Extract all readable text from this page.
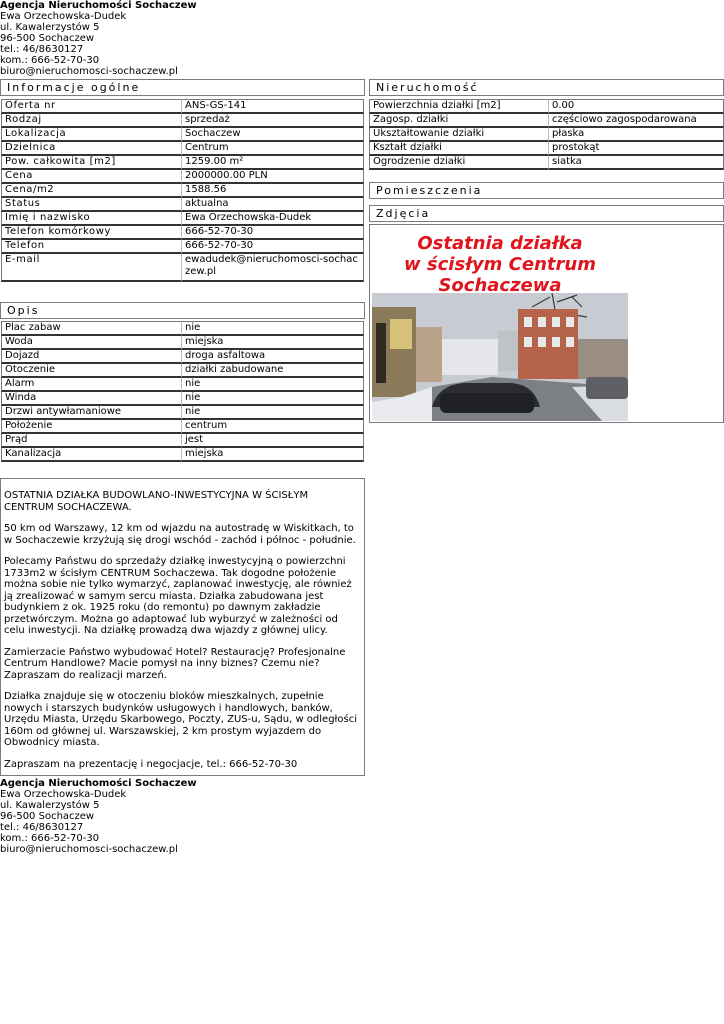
Agencja Nieruchomości Sochaczew
Ewa Orzechowska-Dudek
ul. Kawalerzystów 5
96-500 Sochaczew
tel.: 46/8630127
kom.: 666-52-70-30
biuro@nieruchomosci-sochaczew.pl
Informacje ogólne
Oferta nr	ANS-GS-141
Rodzaj	sprzedaż
Lokalizacja	Sochaczew
Dzielnica	Centrum
Pow. całkowita [m2]	1259.00 m²
Cena	2000000.00 PLN
Cena/m2	1588.56
Status	aktualna
Imię i nazwisko	Ewa Orzechowska-Dudek
Telefon komórkowy	666-52-70-30
Telefon	666-52-70-30
E-mail	ewadudek@nieruchomosci-sochaczew.pl
Opis
Plac zabaw	nie
Woda	miejska
Dojazd	droga asfaltowa
Otoczenie	działki zabudowane
Alarm	nie
Winda	nie
Drzwi antywłamaniowe	nie
Położenie	centrum
Prąd	jest
Kanalizacja	miejska

OSTATNIA DZIAŁKA BUDOWLANO-INWESTYCYJNA W ŚCISŁYM CENTRUM SOCHACZEWA.

50 km od Warszawy, 12 km od wjazdu na autostradę w Wiskitkach, to w Sochaczewie krzyżują się drogi wschód - zachód i północ - południe.

Polecamy Państwu do sprzedaży działkę inwestycyjną o powierzchni 1733m2 w ścisłym CENTRUM Sochaczewa. Tak dogodne położenie można sobie nie tylko wymarzyć, zaplanować inwestycję, ale również ją zrealizować w samym sercu miasta. Działka zabudowana jest budynkiem z ok. 1925 roku (do remontu) po dawnym zakładzie przetwórczym. Można go adaptować lub wyburzyć w zależności od celu inwestycji. Na działkę prowadzą dwa wjazdy z głównej ulicy.

Zamierzacie Państwo wybudować Hotel? Restaurację? Profesjonalne Centrum Handlowe? Macie pomysł na inny biznes? Czemu nie? Zapraszam do realizacji marzeń.

Działka znajduje się w otoczeniu bloków mieszkalnych, zupełnie nowych i starszych budynków usługowych i handlowych, banków, Urzędu Miasta, Urzędu Skarbowego, Poczty, ZUS-u, Sądu, w odległości 160m od głównej ul. Warszawskiej, 2 km prostym wyjazdem do Obwodnicy miasta.

Zapraszam na prezentację i negocjacje, tel.: 666-52-70-30

Nieruchomość
Powierzchnia działki [m2]	0.00
Zagosp. działki	częściowo zagospodarowana
Ukształtowanie działki	płaska
Kształt działki	prostokąt
Ogrodzenie działki	siatka
Pomieszczenia
Zdjęcia
Ostatnia działka
w ścisłym Centrum
Sochaczewa
Agencja Nieruchomości Sochaczew
Ewa Orzechowska-Dudek
ul. Kawalerzystów 5
96-500 Sochaczew
tel.: 46/8630127
kom.: 666-52-70-30
biuro@nieruchomosci-sochaczew.pl
